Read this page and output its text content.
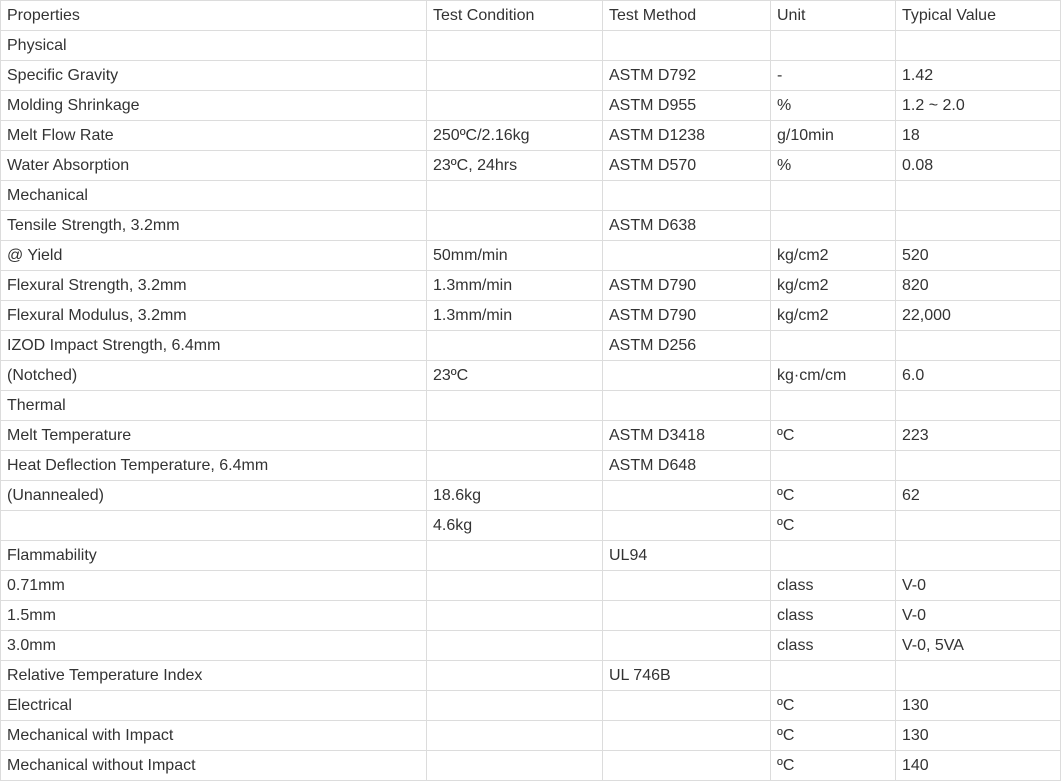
Properties	Test Condition	Test Method	Unit	Typical Value
Physical				
Specific Gravity		ASTM D792	-	1.42
Molding Shrinkage		ASTM D955	%	1.2 ~ 2.0
Melt Flow Rate	250ºC/2.16kg	ASTM D1238	g/10min	18
Water Absorption	23ºC, 24hrs	ASTM D570	%	0.08
Mechanical				
Tensile Strength, 3.2mm		ASTM D638		
@ Yield	50mm/min		kg/cm2	520
Flexural Strength, 3.2mm	1.3mm/min	ASTM D790	kg/cm2	820
Flexural Modulus, 3.2mm	1.3mm/min	ASTM D790	kg/cm2	22,000
IZOD Impact Strength, 6.4mm		ASTM D256		
(Notched)	23ºC		kg·cm/cm	6.0
Thermal				
Melt Temperature		ASTM D3418	ºC	223
Heat Deflection Temperature, 6.4mm		ASTM D648		
(Unannealed)	18.6kg		ºC	62
	4.6kg		ºC	
Flammability		UL94		
0.71mm			class	V-0
1.5mm			class	V-0
3.0mm			class	V-0, 5VA
Relative Temperature Index		UL 746B		
Electrical			ºC	130
Mechanical with Impact			ºC	130
Mechanical without Impact			ºC	140
